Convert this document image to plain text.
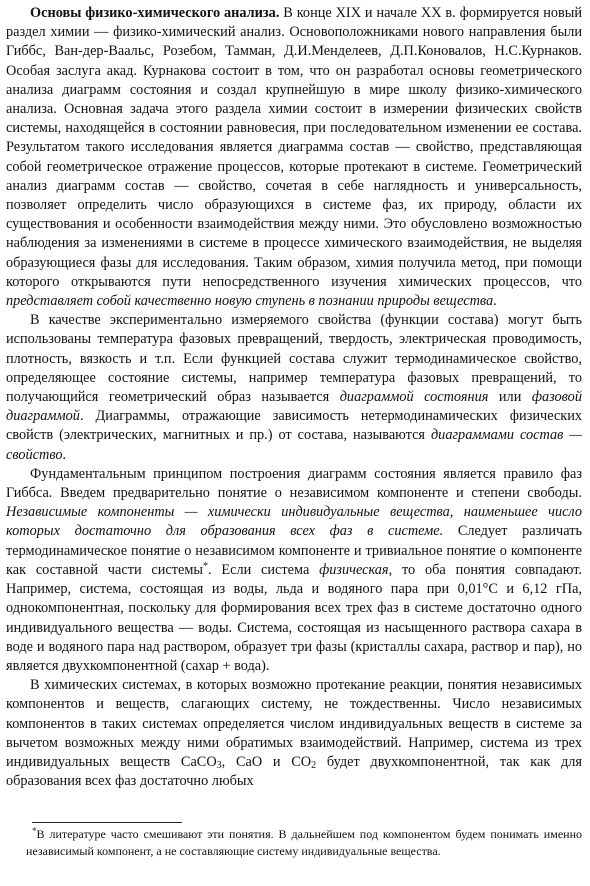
Основы физико-химического анализа. В конце XIX и начале XX в. формируется новый раздел химии — физико-химический анализ. Основоположниками нового направления были Гиббс, Ван-дер-Ваальс, Розебом, Тамман, Д.И.Менделеев, Д.П.Коновалов, Н.С.Курнаков. Особая заслуга акад. Курнакова состоит в том, что он разработал основы геометрического анализа диаграмм состояния и создал крупнейшую в мире школу физико-химического анализа. Основная задача этого раздела химии состоит в измерении физических свойств системы, находящейся в состоянии равновесия, при последовательном изменении ее состава. Результатом такого исследования является диаграмма состав — свойство, представляющая собой геометрическое отражение процессов, которые протекают в системе. Геометрический анализ диаграмм состав — свойство, сочетая в себе наглядность и универсальность, позволяет определить число образующихся в системе фаз, их природу, области их существования и особенности взаимодействия между ними. Это обусловлено возможностью наблюдения за изменениями в системе в процессе химического взаимодействия, не выделяя образующиеся фазы для исследования. Таким образом, химия получила метод, при помощи которого открываются пути непосредственного изучения химических процессов, что представляет собой качественно новую ступень в познании природы вещества.

В качестве экспериментально измеряемого свойства (функции состава) могут быть использованы температура фазовых превращений, твердость, электрическая проводимость, плотность, вязкость и т.п. Если функцией состава служит термодинамическое свойство, определяющее состояние системы, например температура фазовых превращений, то получающийся геометрический образ называется диаграммой состояния или фазовой диаграммой. Диаграммы, отражающие зависимость нетермодинамических физических свойств (электрических, магнитных и пр.) от состава, называются диаграммами состав — свойство.

Фундаментальным принципом построения диаграмм состояния является правило фаз Гиббса. Введем предварительно понятие о независимом компоненте и степени свободы. Независимые компоненты — химически индивидуальные вещества, наименьшее число которых достаточно для образования всех фаз в системе. Следует различать термодинамическое понятие о независимом компоненте и тривиальное понятие о компоненте как составной части системы*. Если система физическая, то оба понятия совпадают. Например, система, состоящая из воды, льда и водяного пара при 0,01°С и 6,12 гПа, однокомпонентная, поскольку для формирования всех трех фаз в системе достаточно одного индивидуального вещества — воды. Система, состоящая из насыщенного раствора сахара в воде и водяного пара над раствором, образует три фазы (кристаллы сахара, раствор и пар), но является двухкомпонентной (сахар + вода).

В химических системах, в которых возможно протекание реакции, понятия независимых компонентов и веществ, слагающих систему, не тождественны. Число независимых компонентов в таких системах определяется числом индивидуальных веществ в системе за вычетом возможных между ними обратимых взаимодействий. Например, система из трех индивидуальных веществ CaCO$_3$, CaO и $CO_2$ будет двухкомпонентной, так как для образования всех фаз достаточно любых

*В литературе часто смешивают эти понятия. В дальнейшем под компонентом будем понимать именно независимый компонент, а не составляющие систему индивидуальные вещества.
